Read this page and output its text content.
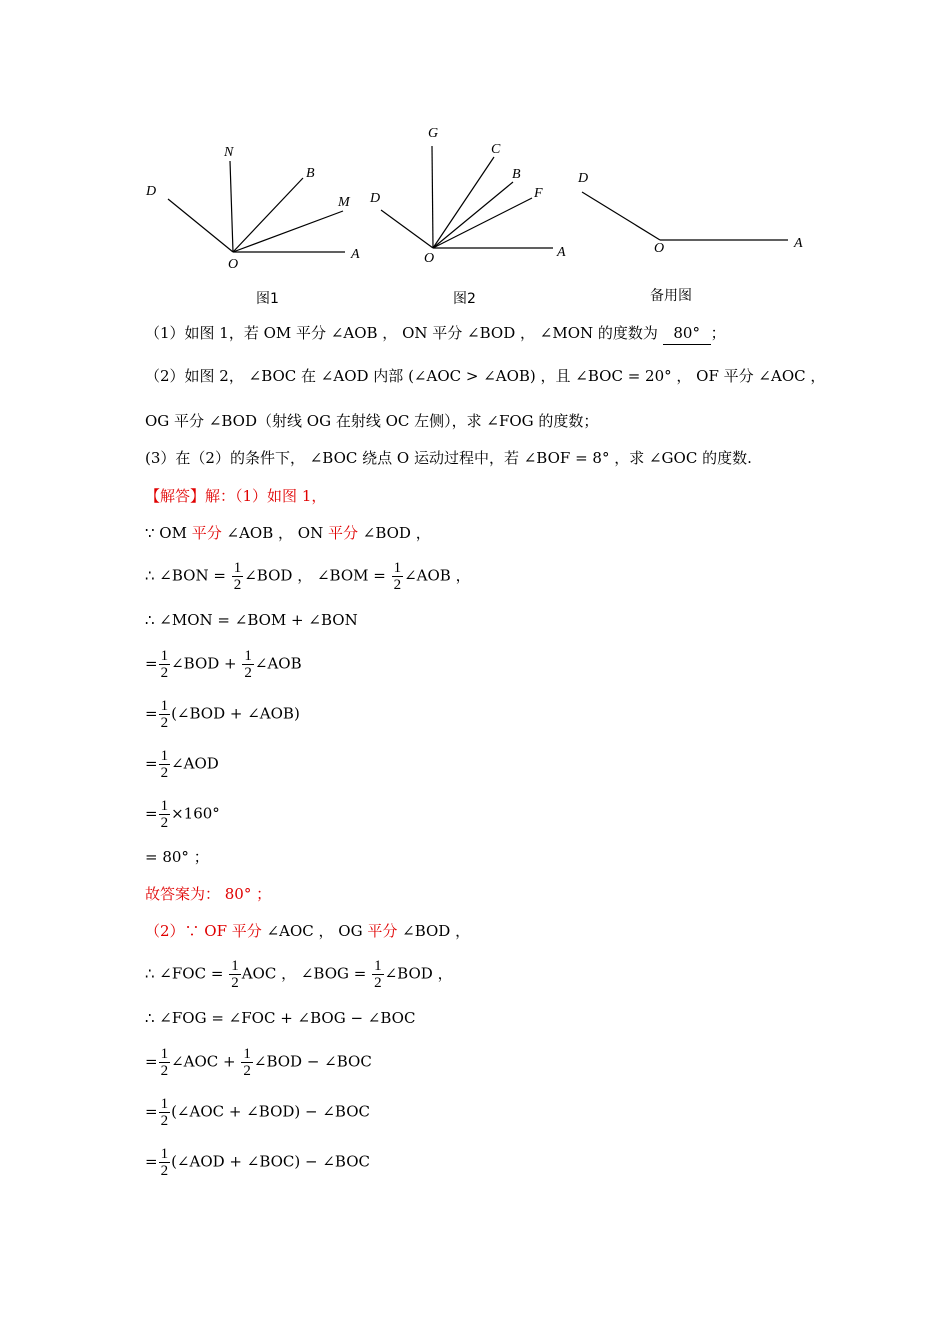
D
N
B
M
O
A
图1
G
C
B
F
D
O	A
图2
D
O	A
备用图
（1）如图 1，若 OM 平分 ∠AOB ， ON 平分 ∠BOD ， ∠MON 的度数为 80° ；
（2）如图 2， ∠BOC 在 ∠AOD 内部 (∠AOC > ∠AOB) ，且 ∠BOC = 20° ， OF 平分 ∠AOC ，
OG 平分 ∠BOD（射线 OG 在射线 OC 左侧），求 ∠FOG 的度数；
(3）在（2）的条件下， ∠BOC 绕点 O 运动过程中，若 ∠BOF = 8° ，求 ∠GOC 的度数.
【解答】解：（1）如图 1，
∵ OM 平分 ∠AOB ， ON 平分 ∠BOD ，
∴ ∠BON = $\frac{1}{2}$ ∠BOD ， ∠BOM = $\frac{1}{2}$ ∠AOB ，
∴ ∠MON = ∠BOM + ∠BON
= $\frac{1}{2}$ ∠BOD + $\frac{1}{2}$ ∠AOB
= $\frac{1}{2}$ (∠BOD + ∠AOB)
= $\frac{1}{2}$ ∠AOD
= $\frac{1}{2} \times 160^\circ$
= 80° ；
故答案为： 80° ；
（2）∵ OF 平分 ∠AOC ， OG 平分 ∠BOD ，
∴ ∠FOC = $\frac{1}{2}$ AOC ， ∠BOG = $\frac{1}{2}$ ∠BOD ，
∴ ∠FOG = ∠FOC + ∠BOG − ∠BOC
= $\frac{1}{2}$ ∠AOC + $\frac{1}{2}$ ∠BOD − ∠BOC
= $\frac{1}{2}$ (∠AOC + ∠BOD) − ∠BOC
= $\frac{1}{2}$ (∠AOD + ∠BOC) − ∠BOC
